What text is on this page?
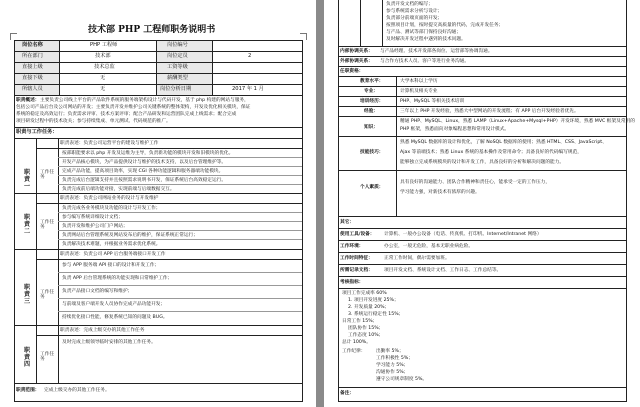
技术部 PHP 工程师职务说明书
岗位名称	PHP 工程师	岗位编号
所在部门	技术部	岗位定员	2
直接上级	技术总监	工资等级
直接下级	无	薪酬类型
所辖人员	无	岗位分析日期	2017 年 1 月
职责概述： 主要负责公司线上平台的产品软件系统的服务端架构设计与代码开发，基于 php 构建的网站与服务，
包括公司产品后台及公司网站的开发；主要负责开发并维护公司关键系统的整体架构，开发及优化相关模块，保证
系统的稳定及高效运行；负责需求评审、技术方案评审；配合产品研发和运营团队完成上线需求；配合完成
项目研发过程中的技术攻关；参与持续集成、单元测试、代码规范的推广。
职责与工作任务：
职责一
职责表述：负责公司运营平台的建设与维护工作
工作任务
按部职能要求以 php 开发及运维为主导，负责新功能的模块开发和旧模块的优化。
开发产品核心模块，为产品提供设计与维护的技术支持，以及后台管理维护等。
完成产品功能，提高项目效率，实现 CGI 各种功能逻辑和服务器端功能模块。
负责完成后台逻辑支持并且按照需求说明书开发，保证系统后台高效稳定运行。
负责完成前后端功能对接，实现前端与后端数据交互。
职责二
职责表述：负责公司网站业务的设计与开发维护
工作任务
负责完成各业务模块及功能的设计与开发工作；
参与编写系统详细设计文档；
负责开发和维护公司门户网站；
负责网站后台管理系统及网站发布后的维护，保证系统正常运行；
负责解决技术难题，并根据业务需求优化系统。
职责三
职责表述：负责公司 APP 后台服务端接口开发工作
工作任务
参与 APP 服务端 API 接口的设计和开发工作；
负责 APP 后台管理系统的功能实现和日常维护工作；
负责产品接口文档的编写和维护；
与前端及客户端开发人员协作完成产品功能开发；
持续优化接口性能，修复系统已知的问题及 BUG。
职责四
职责表述：完成上级交办的其他工作任务
工作任务
及时完成上级领导临时安排的其他工作任务。
职责范围： 完成上级交办的其他工作任务。
负责开发文档的编写；
参与系统需求分析与设计；
负责部分前端页面的开发；
按照项目计划，按时提交高质量的代码，完成开发任务；
与产品、测试等部门保持良好沟通；
及时解决开发过程中遇到的技术问题。
内部协调关系： 与产品经理、技术开发部各岗位、运营部等协调沟通。
外部协调关系： 与合作方技术人员、客户等进行业务沟通。
任职资格：
教育水平：	大学本科以上学历
专业：	计算机及相关专业
培训经历：	PHP、MySQL 等相关技术培训
经验：	三年以上 PHP 开发经验，熟悉大中型网站的开发流程；有 APP 后台开发经验者优先。
知识：
精通 PHP、MySQL、Linux，熟悉 LAMP（Linux+Apache+Mysql+PHP）开发环境，熟悉 MVC 框架及常用的
PHP 框架，熟悉面向对象编程思想和常用设计模式。
技能技巧：
熟悉 MySQL 数据库的设计和优化，了解 NoSQL 数据库的使用；熟悉 HTML、CSS、JavaScript、
Ajax 等前端技术；熟悉 Linux 系统的基本操作及常用命令；具备良好的代码编写规范，
能够独立完成系统模块的设计和开发工作，具备良好的分析和解决问题的能力。
个人素质：
具有良好的沟通能力、团队合作精神和责任心，能承受一定的工作压力，
学习能力强，对新技术有浓厚的兴趣。
其它：
使用工具/设备： 计算机、一般办公设备（电话、传真机、打印机、Internet/Intranet 网络）
工作环境：	办公室，一般无危险，基本无职业病危险。
工作时间特征： 正常工作时间，偶尔需要加班。
所需记录文档： 项目开发文档、系统设计文档、工作日志、工作总结等。
考核指标：
项目工作完成率 60%
1. 项目开发进度 25%；
2. 开发质量 20%；
3. 系统运行稳定性 15%；
日常工作 15%；
团队协作 15%；
工作态度 10%；
总计 100%。
工作纪律： 出勤率 5%；
工作积极性 5%；
学习能力 5%；
沟通协作 5%；
遵守公司规章制度 5%。
备注：
